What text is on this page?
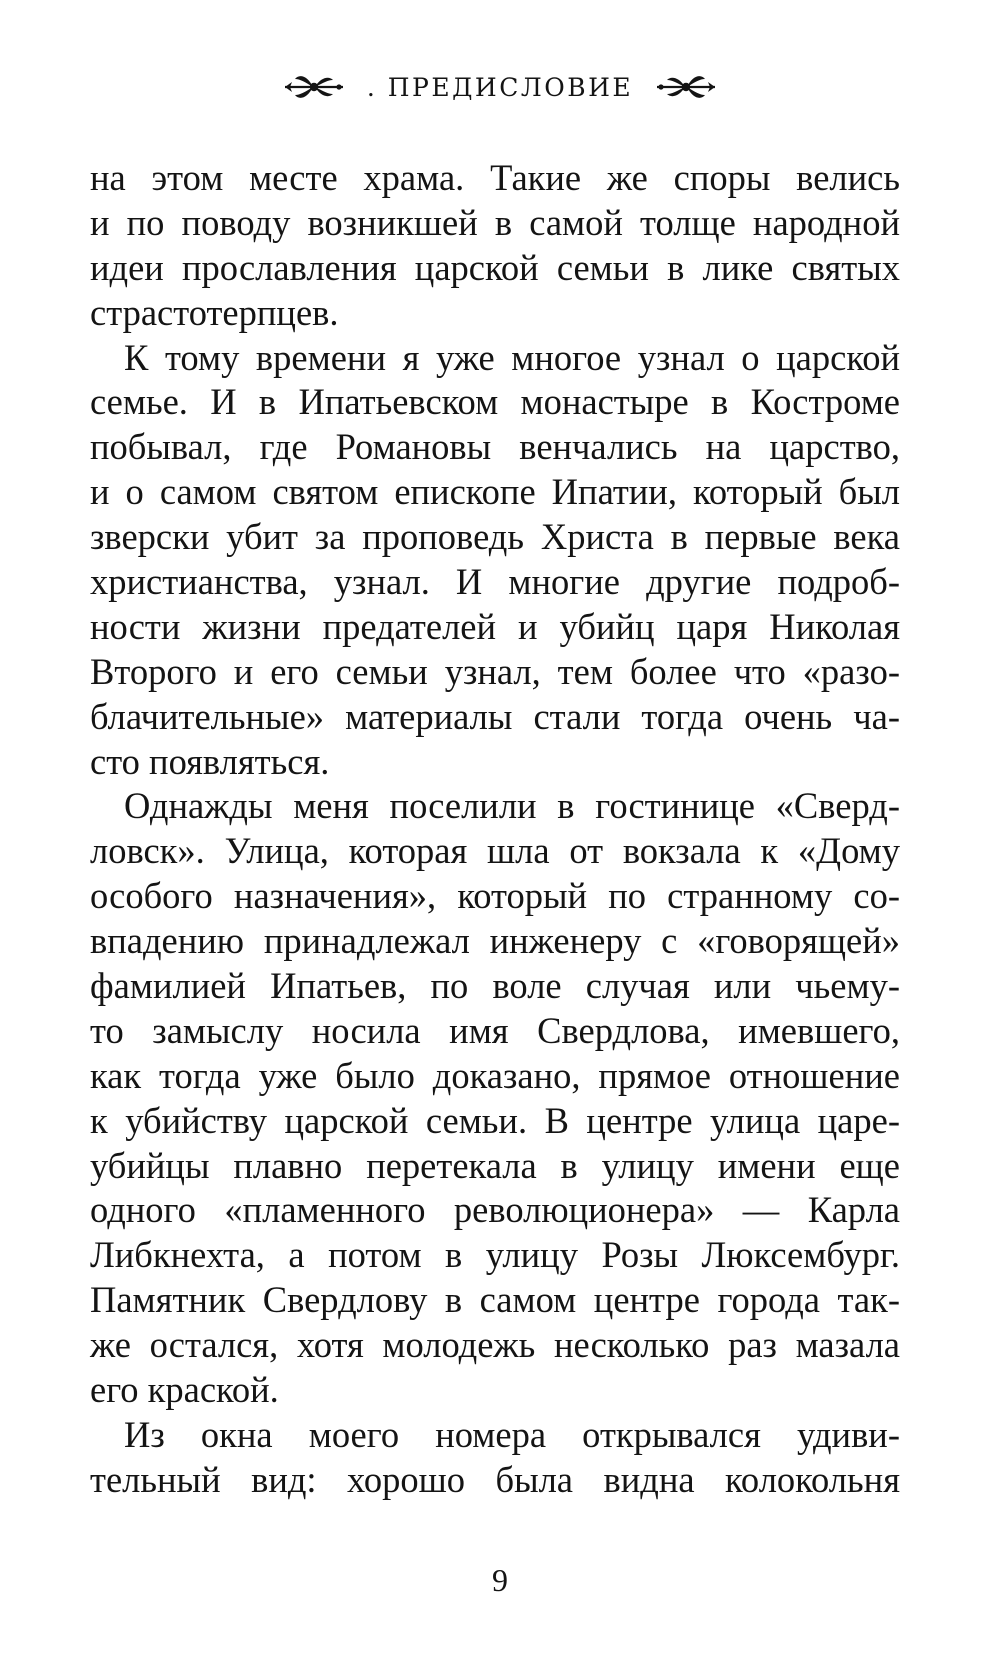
. ПРЕДИСЛОВИЕ
на этом месте храма. Такие же споры велись
и по поводу возникшей в самой толще народной
идеи прославления царской семьи в лике святых
страстотерпцев.
К тому времени я уже многое узнал о царской
семье. И в Ипатьевском монастыре в Костроме
побывал, где Романовы венчались на царство,
и о самом святом епископе Ипатии, который был
зверски убит за проповедь Христа в первые века
христианства, узнал. И многие другие подроб-
ности жизни предателей и убийц царя Николая
Второго и его семьи узнал, тем более что «разо-
блачительные» материалы стали тогда очень ча-
сто появляться.
Однажды меня поселили в гостинице «Сверд-
ловск». Улица, которая шла от вокзала к «Дому
особого назначения», который по странному со-
впадению принадлежал инженеру с «говорящей»
фамилией Ипатьев, по воле случая или чьему-
то замыслу носила имя Свердлова, имевшего,
как тогда уже было доказано, прямое отношение
к убийству царской семьи. В центре улица царе-
убийцы плавно перетекала в улицу имени еще
одного «пламенного революционера» — Карла
Либкнехта, а потом в улицу Розы Люксембург.
Памятник Свердлову в самом центре города так-
же остался, хотя молодежь несколько раз мазала
его краской.
Из окна моего номера открывался удиви-
тельный вид: хорошо была видна колокольня
9
